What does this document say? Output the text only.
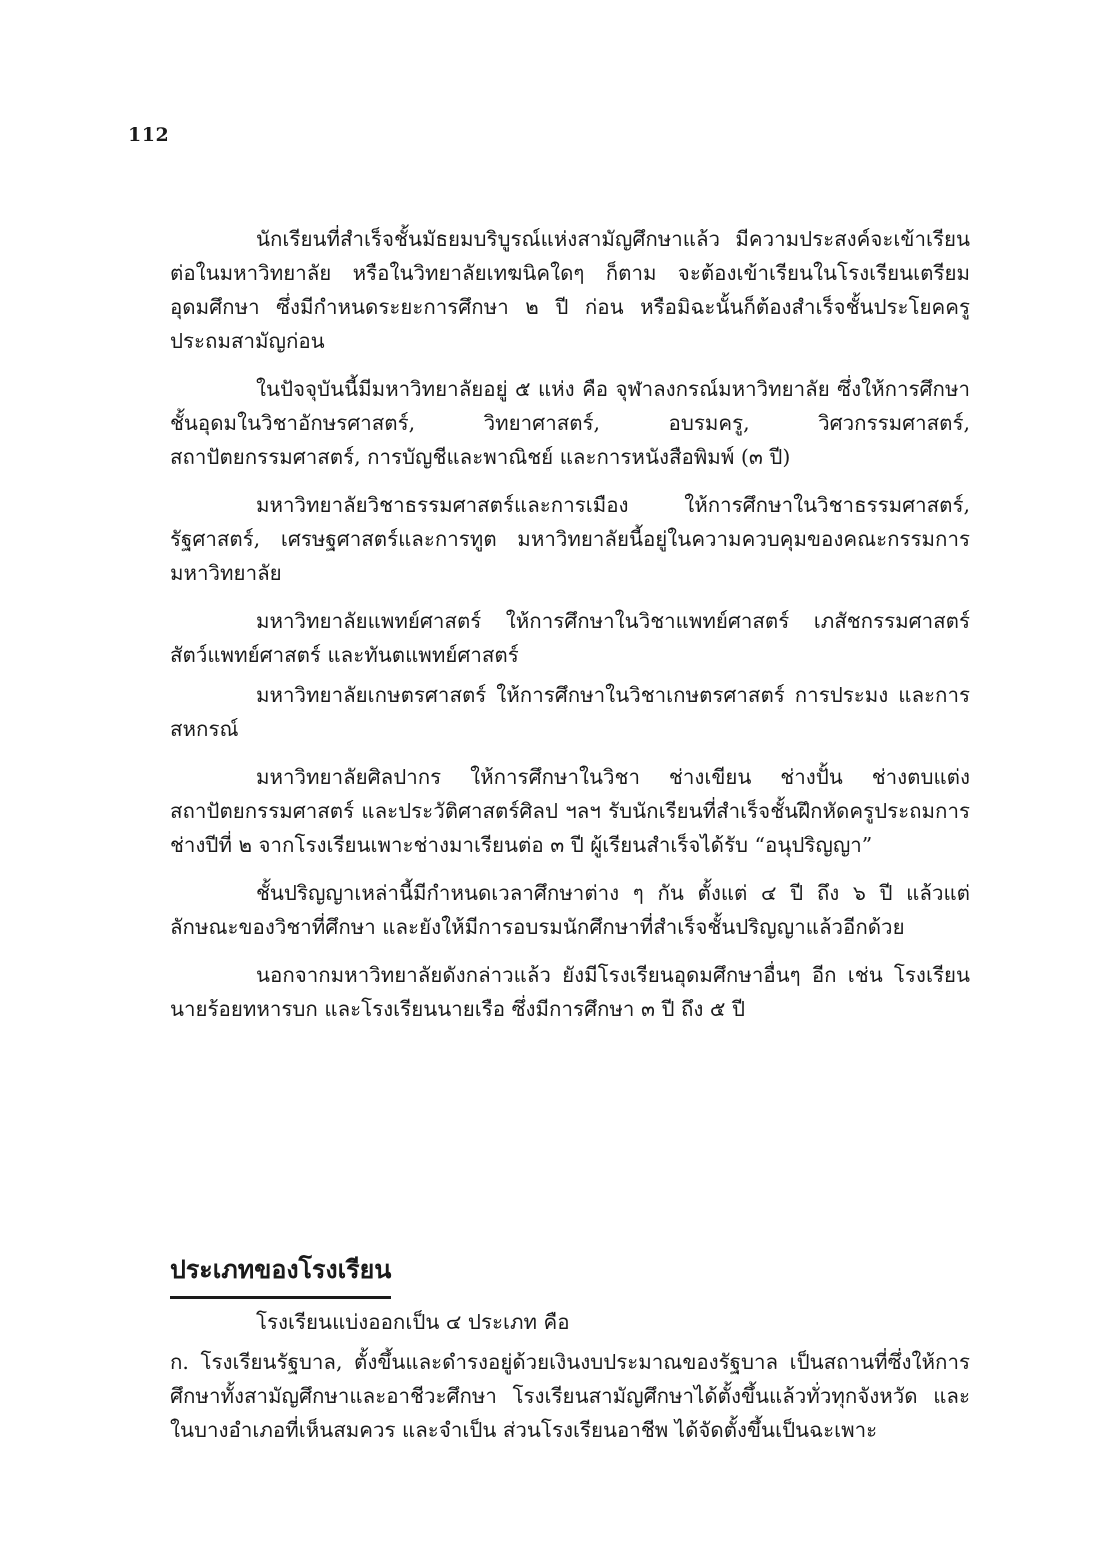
112

นักเรียนที่สำเร็จชั้นมัธยมบริบูรณ์แห่งสามัญศึกษาแล้ว มีความประสงค์จะเข้าเรียนต่อในมหาวิทยาลัย หรือในวิทยาลัยเทฆนิคใดๆ ก็ตาม จะต้องเข้าเรียนในโรงเรียนเตรียมอุดมศึกษา ซึ่งมีกำหนดระยะการศึกษา ๒ ปี ก่อน หรือมิฉะนั้นก็ต้องสำเร็จชั้นประโยคครูประถมสามัญก่อน

ในปัจจุบันนี้มีมหาวิทยาลัยอยู่ ๕ แห่ง คือ จุฬาลงกรณ์มหาวิทยาลัย ซึ่งให้การศึกษาชั้นอุดมในวิชาอักษรศาสตร์, วิทยาศาสตร์, อบรมครู, วิศวกรรมศาสตร์, สถาปัตยกรรมศาสตร์, การบัญชีและพาณิชย์ และการหนังสือพิมพ์ (๓ ปี)

มหาวิทยาลัยวิชาธรรมศาสตร์และการเมือง ให้การศึกษาในวิชาธรรมศาสตร์, รัฐศาสตร์, เศรษฐศาสตร์และการทูต มหาวิทยาลัยนี้อยู่ในความควบคุมของคณะกรรมการมหาวิทยาลัย

มหาวิทยาลัยแพทย์ศาสตร์ ให้การศึกษาในวิชาแพทย์ศาสตร์ เภสัชกรรมศาสตร์ สัตว์แพทย์ศาสตร์ และทันตแพทย์ศาสตร์

มหาวิทยาลัยเกษตรศาสตร์ ให้การศึกษาในวิชาเกษตรศาสตร์ การประมง และการสหกรณ์

มหาวิทยาลัยศิลปากร ให้การศึกษาในวิชา ช่างเขียน ช่างปั้น ช่างตบแต่งสถาปัตยกรรมศาสตร์ และประวัติศาสตร์ศิลป ฯลฯ รับนักเรียนที่สำเร็จชั้นฝึกหัดครูประถมการช่างปีที่ ๒ จากโรงเรียนเพาะช่างมาเรียนต่อ ๓ ปี ผู้เรียนสำเร็จได้รับ “อนุปริญญา”

ชั้นปริญญาเหล่านี้มีกำหนดเวลาศึกษาต่าง ๆ กัน ตั้งแต่ ๔ ปี ถึง ๖ ปี แล้วแต่ลักษณะของวิชาที่ศึกษา และยังให้มีการอบรมนักศึกษาที่สำเร็จชั้นปริญญาแล้วอีกด้วย

นอกจากมหาวิทยาลัยดังกล่าวแล้ว ยังมีโรงเรียนอุดมศึกษาอื่นๆ อีก เช่น โรงเรียนนายร้อยทหารบก และโรงเรียนนายเรือ ซึ่งมีการศึกษา ๓ ปี ถึง ๕ ปี

ประเภทของโรงเรียน

โรงเรียนแบ่งออกเป็น ๔ ประเภท คือ

ก. โรงเรียนรัฐบาล, ตั้งขึ้นและดำรงอยู่ด้วยเงินงบประมาณของรัฐบาล เป็นสถานที่ซึ่งให้การศึกษาทั้งสามัญศึกษาและอาชีวะศึกษา โรงเรียนสามัญศึกษาได้ตั้งขึ้นแล้วทั่วทุกจังหวัด และในบางอำเภอที่เห็นสมควร และจำเป็น ส่วนโรงเรียนอาชีพ ได้จัดตั้งขึ้นเป็นฉะเพาะ
